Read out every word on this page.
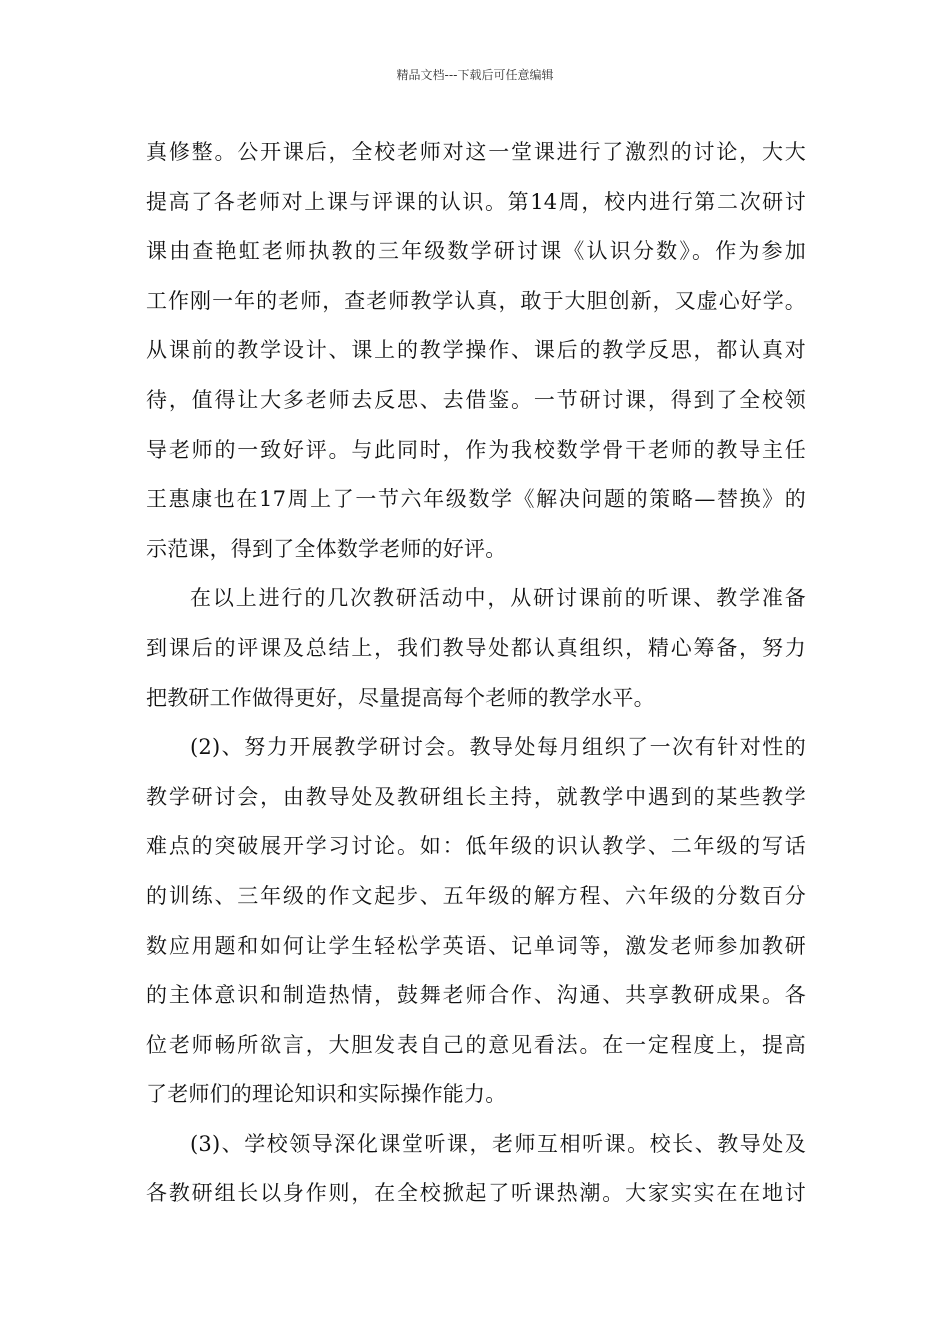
精品文档---下载后可任意编辑
真修整。公开课后，全校老师对这一堂课进行了激烈的讨论，大大
提高了各老师对上课与评课的认识。第14周，校内进行第二次研讨
课由查艳虹老师执教的三年级数学研讨课《认识分数》。作为参加
工作刚一年的老师，查老师教学认真，敢于大胆创新，又虚心好学。
从课前的教学设计、课上的教学操作、课后的教学反思，都认真对
待，值得让大多老师去反思、去借鉴。一节研讨课，得到了全校领
导老师的一致好评。与此同时，作为我校数学骨干老师的教导主任
王惠康也在17周上了一节六年级数学《解决问题的策略—替换》的
示范课，得到了全体数学老师的好评。
在以上进行的几次教研活动中，从研讨课前的听课、教学准备
到课后的评课及总结上，我们教导处都认真组织，精心筹备，努力
把教研工作做得更好，尽量提高每个老师的教学水平。
(2)、努力开展教学研讨会。教导处每月组织了一次有针对性的
教学研讨会，由教导处及教研组长主持，就教学中遇到的某些教学
难点的突破展开学习讨论。如：低年级的识认教学、二年级的写话
的训练、三年级的作文起步、五年级的解方程、六年级的分数百分
数应用题和如何让学生轻松学英语、记单词等，激发老师参加教研
的主体意识和制造热情，鼓舞老师合作、沟通、共享教研成果。各
位老师畅所欲言，大胆发表自己的意见看法。在一定程度上，提高
了老师们的理论知识和实际操作能力。
(3)、学校领导深化课堂听课，老师互相听课。校长、教导处及
各教研组长以身作则，在全校掀起了听课热潮。大家实实在在地讨
